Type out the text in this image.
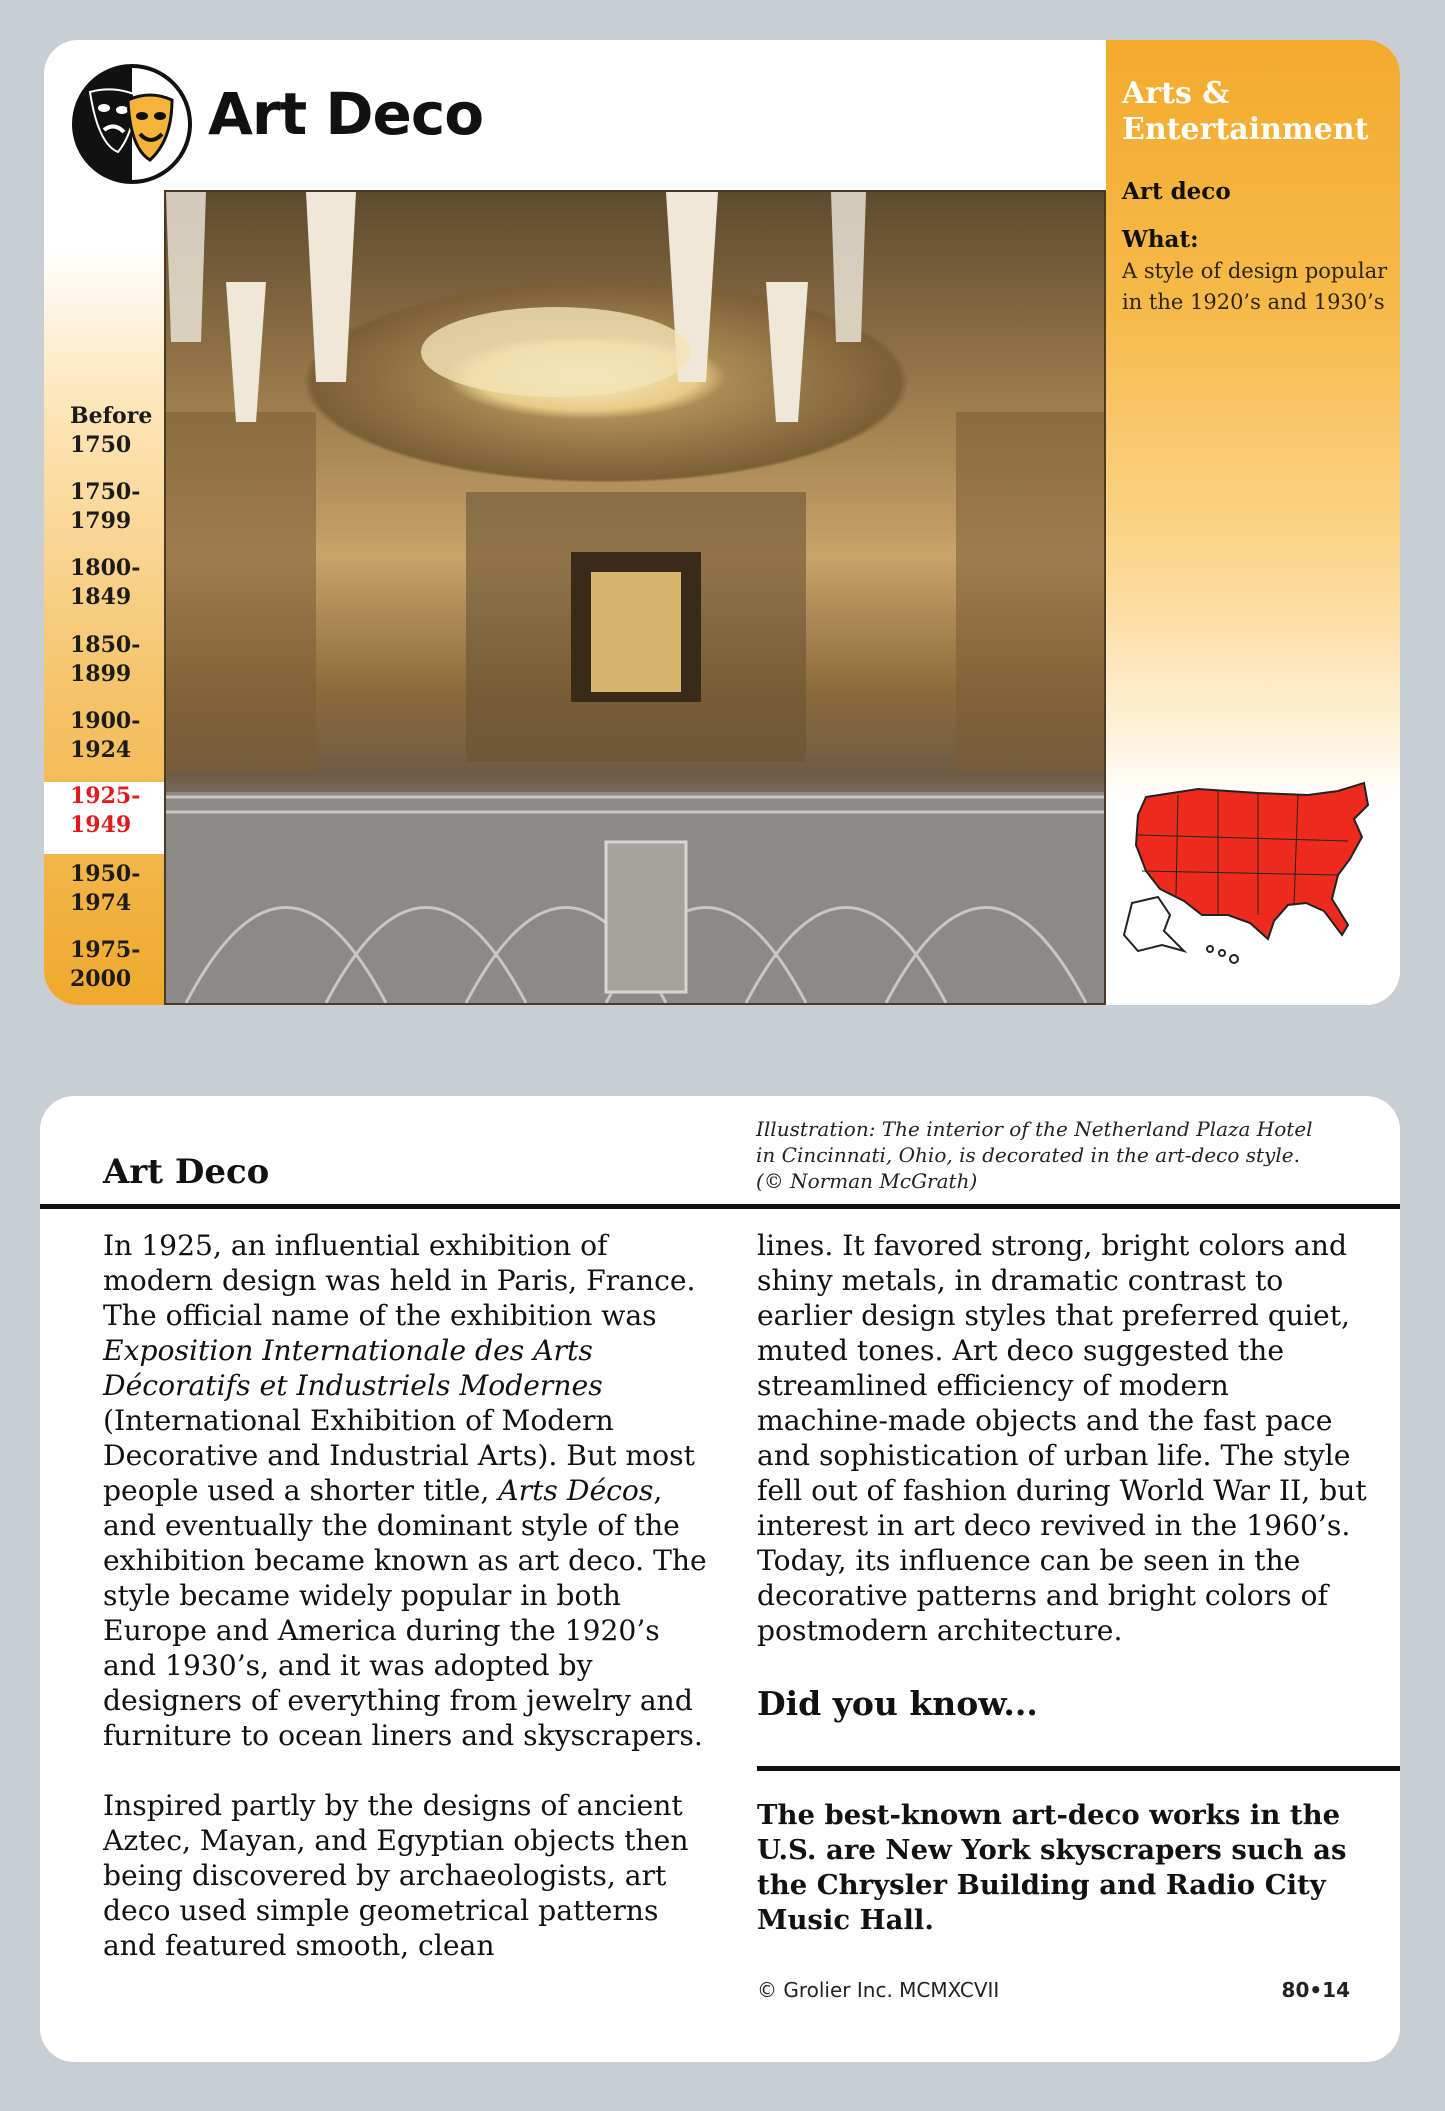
Art Deco
Before
1750
1750-
1799
1800-
1849
1850-
1899
1900-
1924
1925-
1949
1950-
1974
1975-
2000
Arts & Entertainment
Art deco
What:
A style of design popular in the 1920’s and 1930’s
Art Deco
Illustration: The interior of the Netherland Plaza Hotel
in Cincinnati, Ohio, is decorated in the art-deco style.
(© Norman McGrath)

In 1925, an influential exhibition of modern design was held in Paris, France. The official name of the exhibition was Exposition Internationale des Arts Décoratifs et Industriels Modernes (International Exhibition of Modern Decorative and Industrial Arts). But most people used a shorter title, Arts Décos, and eventually the dominant style of the exhibition became known as art deco. The style became widely popular in both Europe and America during the 1920’s and 1930’s, and it was adopted by designers of everything from jewelry and furniture to ocean liners and skyscrapers.

Inspired partly by the designs of ancient Aztec, Mayan, and Egyptian objects then being discovered by archaeologists, art deco used simple geometrical patterns and featured smooth, clean

lines. It favored strong, bright colors and shiny metals, in dramatic contrast to earlier design styles that preferred quiet, muted tones. Art deco suggested the streamlined efficiency of modern machine-made objects and the fast pace and sophistication of urban life. The style fell out of fashion during World War II, but interest in art deco revived in the 1960’s. Today, its influence can be seen in the decorative patterns and bright colors of postmodern architecture.

Did you know...
The best-known art-deco works in the U.S. are New York skyscrapers such as the Chrysler Building and Radio City Music Hall.
© Grolier Inc. MCMXCVII	80•14
